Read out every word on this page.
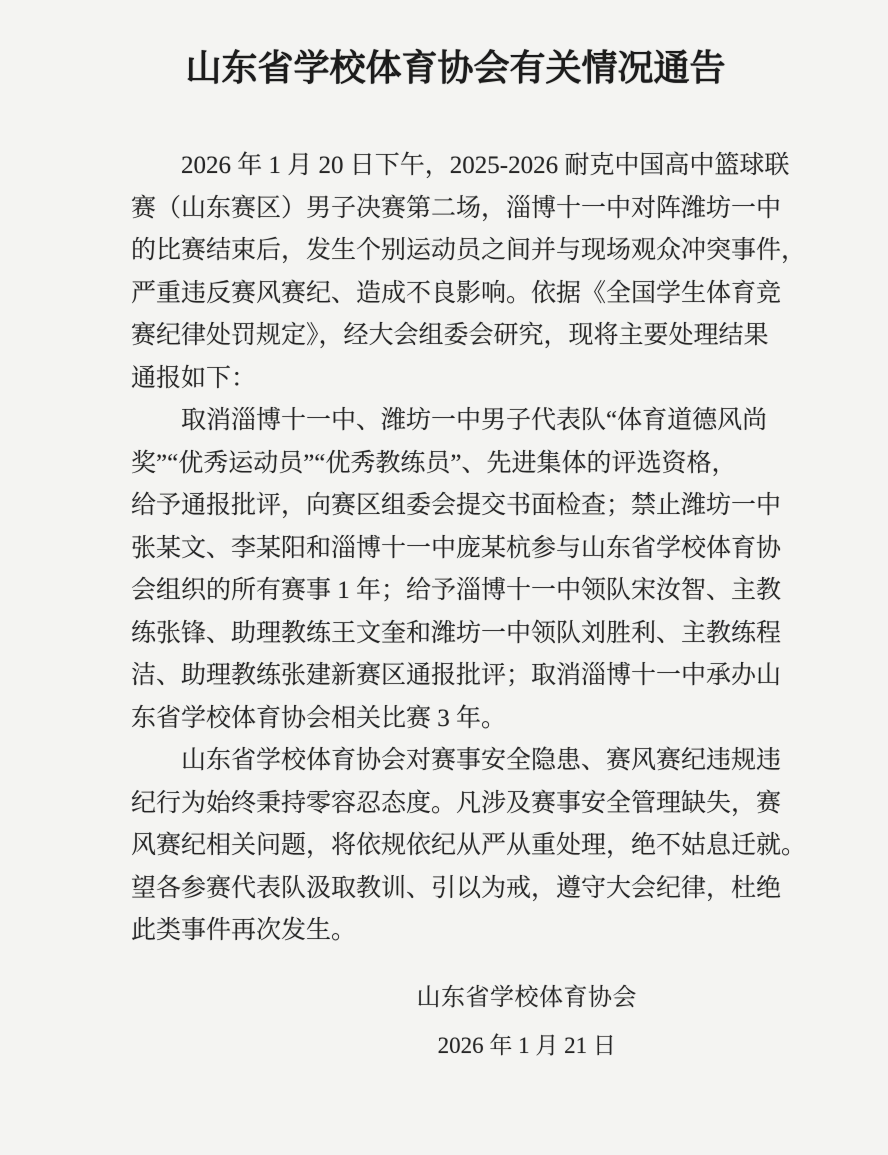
山东省学校体育协会有关情况通告
2026 年 1 月 20 日下午，2025-2026 耐克中国高中篮球联
赛（山东赛区）男子决赛第二场，淄博十一中对阵潍坊一中
的比赛结束后，发生个别运动员之间并与现场观众冲突事件，
严重违反赛风赛纪、造成不良影响。依据《全国学生体育竞
赛纪律处罚规定》，经大会组委会研究，现将主要处理结果
通报如下：
取消淄博十一中、潍坊一中男子代表队“体育道德风尚
奖”“优秀运动员”“优秀教练员”、先进集体的评选资格，
给予通报批评，向赛区组委会提交书面检查；禁止潍坊一中
张某文、李某阳和淄博十一中庞某杭参与山东省学校体育协
会组织的所有赛事 1 年；给予淄博十一中领队宋汝智、主教
练张锋、助理教练王文奎和潍坊一中领队刘胜利、主教练程
洁、助理教练张建新赛区通报批评；取消淄博十一中承办山
东省学校体育协会相关比赛 3 年。
山东省学校体育协会对赛事安全隐患、赛风赛纪违规违
纪行为始终秉持零容忍态度。凡涉及赛事安全管理缺失，赛
风赛纪相关问题，将依规依纪从严从重处理，绝不姑息迁就。
望各参赛代表队汲取教训、引以为戒，遵守大会纪律，杜绝
此类事件再次发生。
山东省学校体育协会
2026 年 1 月 21 日
